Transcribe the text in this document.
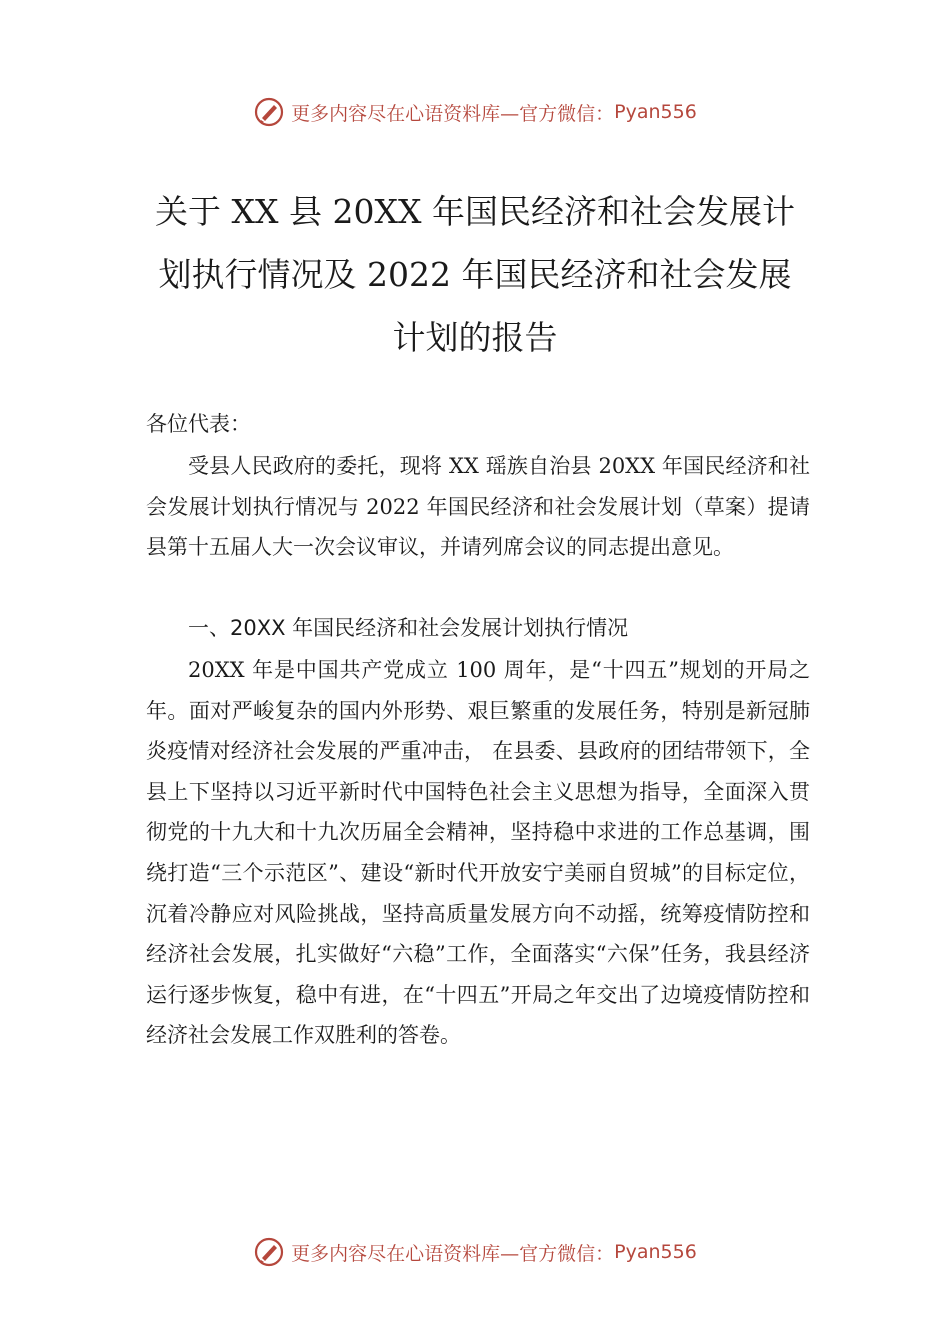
更多内容尽在心语资料库—官方微信： Pyan556
关于 XX 县 20XX 年国民经济和社会发展计划执行情况及 2022 年国民经济和社会发展计划的报告
各位代表：
受县人民政府的委托，现将 XX 瑶族自治县 20XX 年国民经济和社会发展计划执行情况与 2022 年国民经济和社会发展计划（草案）提请县第十五届人大一次会议审议，并请列席会议的同志提出意见。
一、20XX 年国民经济和社会发展计划执行情况
20XX 年是中国共产党成立 100 周年，是“十四五”规划的开局之年。面对严峻复杂的国内外形势、艰巨繁重的发展任务，特别是新冠肺炎疫情对经济社会发展的严重冲击， 在县委、县政府的团结带领下，全县上下坚持以习近平新时代中国特色社会主义思想为指导，全面深入贯彻党的十九大和十九次历届全会精神，坚持稳中求进的工作总基调，围绕打造“三个示范区”、建设“新时代开放安宁美丽自贸城”的目标定位，沉着冷静应对风险挑战，坚持高质量发展方向不动摇，统筹疫情防控和经济社会发展，扎实做好“六稳”工作，全面落实“六保”任务，我县经济运行逐步恢复，稳中有进，在“十四五”开局之年交出了边境疫情防控和经济社会发展工作双胜利的答卷。
更多内容尽在心语资料库—官方微信： Pyan556
